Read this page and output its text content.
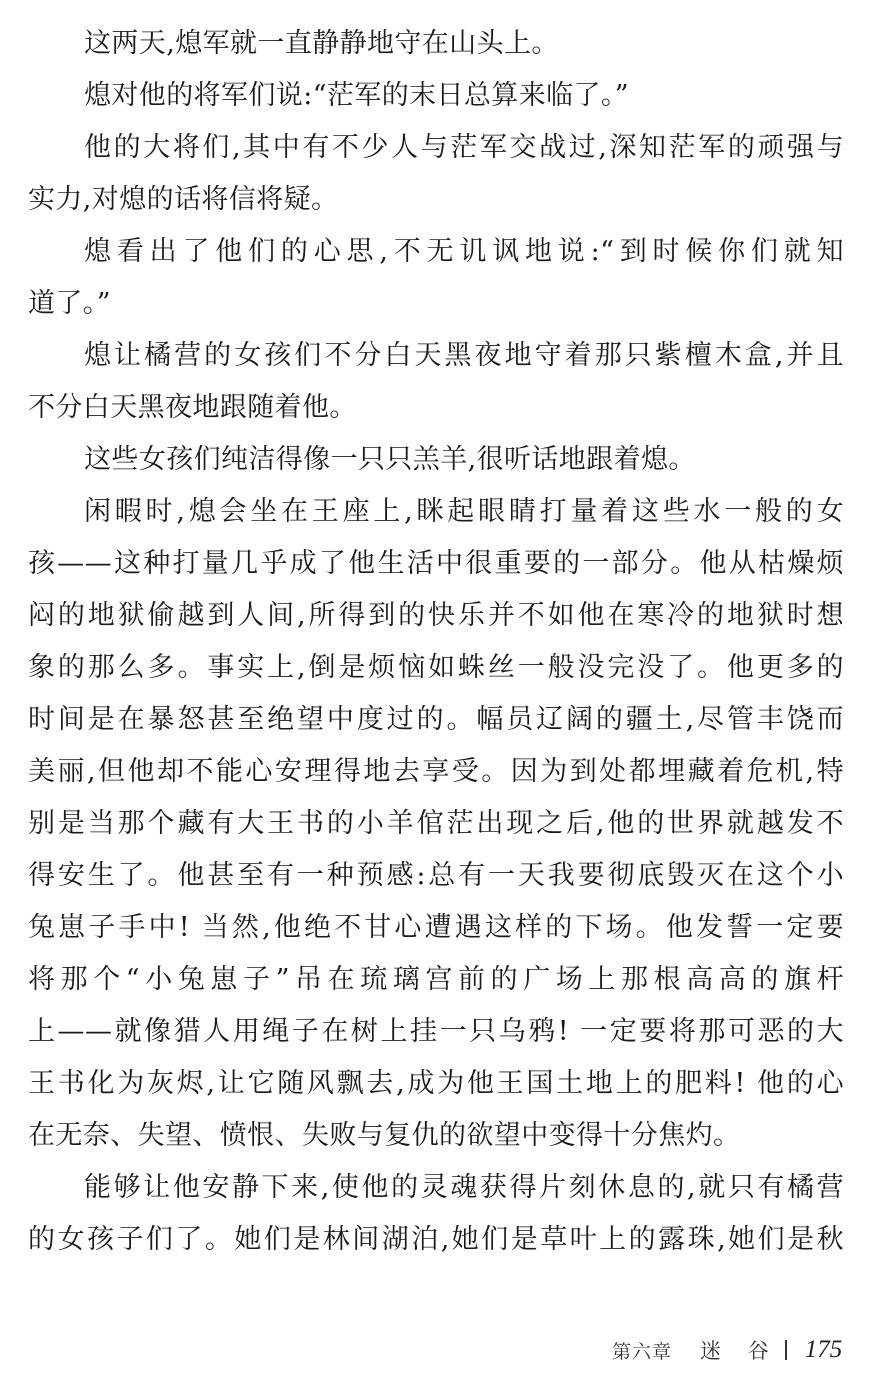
这两天,熄军就一直静静地守在山头上。
熄对他的将军们说:“茫军的末日总算来临了。”
他的大将们,其中有不少人与茫军交战过,深知茫军的顽强与
实力,对熄的话将信将疑。
熄看出了他们的心思,不无讥讽地说:“到时候你们就知
道了。”
熄让橘营的女孩们不分白天黑夜地守着那只紫檀木盒,并且
不分白天黑夜地跟随着他。
这些女孩们纯洁得像一只只羔羊,很听话地跟着熄。
闲暇时,熄会坐在王座上,眯起眼睛打量着这些水一般的女
孩——这种打量几乎成了他生活中很重要的一部分。他从枯燥烦
闷的地狱偷越到人间,所得到的快乐并不如他在寒冷的地狱时想
象的那么多。事实上,倒是烦恼如蛛丝一般没完没了。他更多的
时间是在暴怒甚至绝望中度过的。幅员辽阔的疆土,尽管丰饶而
美丽,但他却不能心安理得地去享受。因为到处都埋藏着危机,特
别是当那个藏有大王书的小羊倌茫出现之后,他的世界就越发不
得安生了。他甚至有一种预感:总有一天我要彻底毁灭在这个小
兔崽子手中! 当然,他绝不甘心遭遇这样的下场。他发誓一定要
将那个“小兔崽子”吊在琉璃宫前的广场上那根高高的旗杆
上——就像猎人用绳子在树上挂一只乌鸦! 一定要将那可恶的大
王书化为灰烬,让它随风飘去,成为他王国土地上的肥料! 他的心
在无奈、失望、愤恨、失败与复仇的欲望中变得十分焦灼。
能够让他安静下来,使他的灵魂获得片刻休息的,就只有橘营
的女孩子们了。她们是林间湖泊,她们是草叶上的露珠,她们是秋
第六章 迷 谷 175
